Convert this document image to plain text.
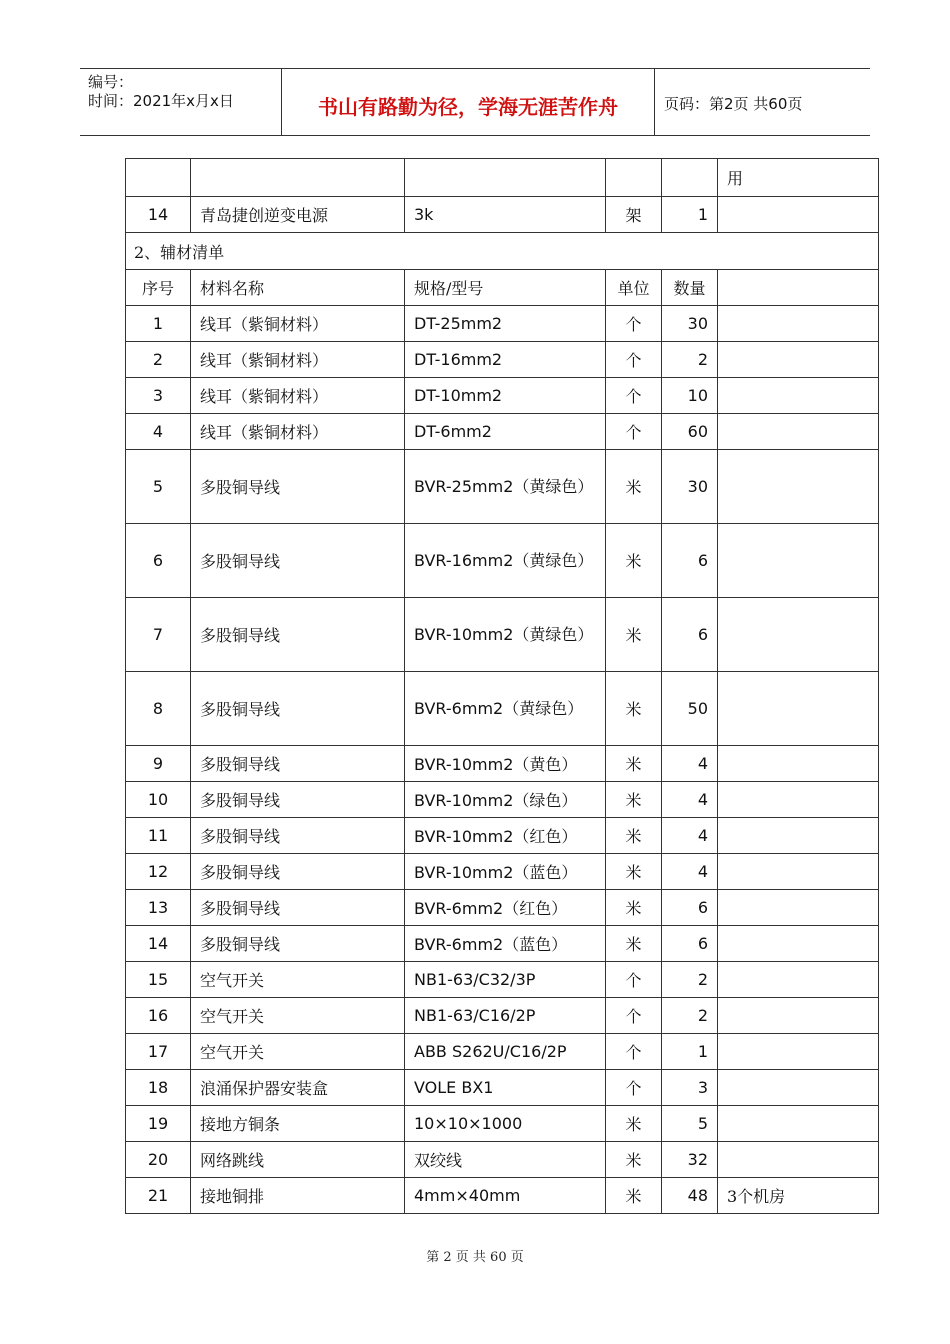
编号：
时间：2021年x月x日	书山有路勤为径，学海无涯苦作舟	页码：第2页 共60页
					用
14	青岛捷创逆变电源	3k	架	1	
2、辅材清单					
序号	材料名称	规格/型号	单位	数量	
1	线耳（紫铜材料）	DT-25mm2	个	30	
2	线耳（紫铜材料）	DT-16mm2	个	2	
3	线耳（紫铜材料）	DT-10mm2	个	10	
4	线耳（紫铜材料）	DT-6mm2	个	60	
5	多股铜导线	BVR-25mm2（黄绿色）	米	30	
6	多股铜导线	BVR-16mm2（黄绿色）	米	6	
7	多股铜导线	BVR-10mm2（黄绿色）	米	6	
8	多股铜导线	BVR-6mm2（黄绿色）	米	50	
9	多股铜导线	BVR-10mm2（黄色）	米	4	
10	多股铜导线	BVR-10mm2（绿色）	米	4	
11	多股铜导线	BVR-10mm2（红色）	米	4	
12	多股铜导线	BVR-10mm2（蓝色）	米	4	
13	多股铜导线	BVR-6mm2（红色）	米	6	
14	多股铜导线	BVR-6mm2（蓝色）	米	6	
15	空气开关	NB1-63/C32/3P	个	2	
16	空气开关	NB1-63/C16/2P	个	2	
17	空气开关	ABB S262U/C16/2P	个	1	
18	浪涌保护器安装盒	VOLE BX1	个	3	
19	接地方铜条	10×10×1000	米	5	
20	网络跳线	双绞线	米	32	
21	接地铜排	4mm×40mm	米	48	3个机房
第 2 页 共 60 页
